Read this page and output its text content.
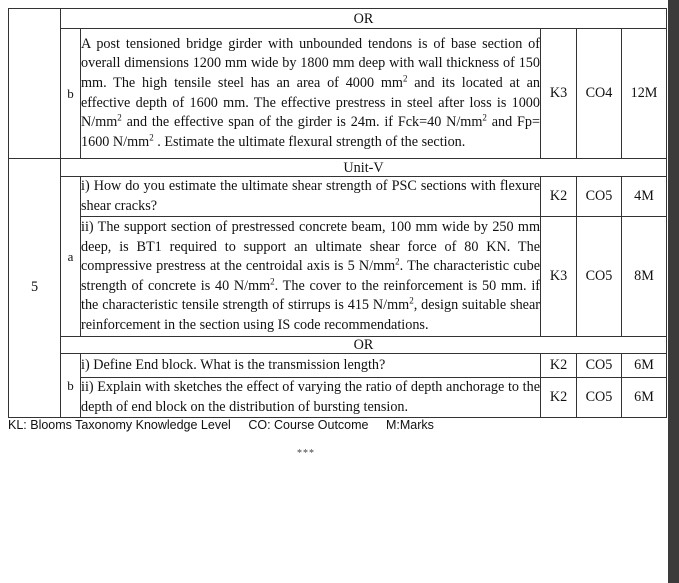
	OR				
	b	A post tensioned bridge girder with unbounded tendons is of base section of overall dimensions 1200 mm wide by 1800 mm deep with wall thickness of 150 mm. The high tensile steel has an area of 4000 $mm^2$ and its located at an effective depth of 1600 mm. The effective prestress in steel after loss is 1000 $N/mm^2$ and the effective span of the girder is 24m. if Fck=40 $N/mm^2$ and Fp= 1600 $N/mm^2$ . Estimate the ultimate flexural strength of the section.	K3	CO4	12M
5	Unit-V				
	a	i) How do you estimate the ultimate shear strength of PSC sections with flexure shear cracks?	K2	CO5	4M
		ii) The support section of prestressed concrete beam, 100 mm wide by 250 mm deep, is BT1 required to support an ultimate shear force of 80 KN. The compressive prestress at the centroidal axis is 5 $N/mm^2$. The characteristic cube strength of concrete is 40 $N/mm^2$. The cover to the reinforcement is 50 mm. if the characteristic tensile strength of stirrups is 415 $N/mm^2$, design suitable shear reinforcement in the section using IS code recommendations.	K3	CO5	8M
	OR				
	b	i) Define End block. What is the transmission length?	K2	CO5	6M
		ii) Explain with sketches the effect of varying the ratio of depth anchorage to the depth of end block on the distribution of bursting tension.	K2	CO5	6M
KL: Blooms Taxonomy Knowledge Level CO: Course Outcome M:Marks
***
